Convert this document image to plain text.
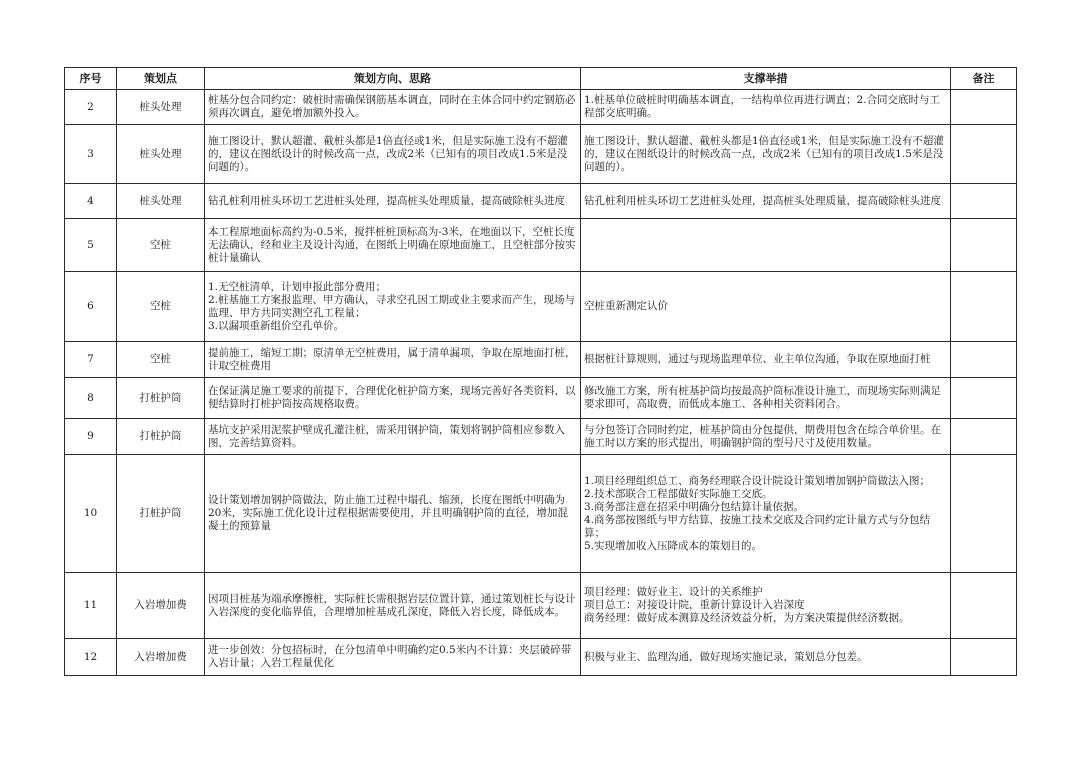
序号	策划点	策划方向、思路	支撑举措	备注
2	桩头处理	桩基分包合同约定：破桩时需确保钢筋基本调直，同时在主体合同中约定钢筋必须再次调直，避免增加额外投入。	1.桩基单位破桩时明确基本调直，一结构单位再进行调直；2.合同交底时与工程部交底明确。	
3	桩头处理	施工图设计，默认超灌、截桩头都是1倍直径或1米，但是实际施工没有不超灌的，建议在图纸设计的时候改高一点，改成2米（已知有的项目改成1.5米是没问题的）。	施工图设计，默认超灌、截桩头都是1倍直径或1米，但是实际施工没有不超灌的，建议在图纸设计的时候改高一点，改成2米（已知有的项目改成1.5米是没问题的）。	
4	桩头处理	钻孔桩利用桩头环切工艺进桩头处理，提高桩头处理质量，提高破除桩头进度	钻孔桩利用桩头环切工艺进桩头处理，提高桩头处理质量，提高破除桩头进度	
5	空桩	本工程原地面标高约为-0.5米，搅拌桩桩顶标高为-3米，在地面以下，空桩长度无法确认，经和业主及设计沟通，在图纸上明确在原地面施工，且空桩部分按实桩计量确认		
6	空桩	1.无空桩清单，计划申报此部分费用；
2.桩基施工方案报监理、甲方确认，寻求空孔因工期或业主要求而产生，现场与监理、甲方共同实测空孔工程量；
3.以漏项重新组价空孔单价。	空桩重新测定认价	
7	空桩	提前施工，缩短工期；原清单无空桩费用，属于清单漏项，争取在原地面打桩，计取空桩费用	根据桩计算规则，通过与现场监理单位、业主单位沟通，争取在原地面打桩	
8	打桩护筒	在保证满足施工要求的前提下，合理优化桩护筒方案，现场完善好各类资料，以便结算时打桩护筒按高规格取费。	修改施工方案，所有桩基护筒均按最高护筒标准设计施工，而现场实际则满足要求即可，高取费，而低成本施工、各种相关资料闭合。	
9	打桩护筒	基坑支护采用泥浆护壁成孔灌注桩，需采用钢护筒，策划将钢护筒相应参数入图，完善结算资料。	与分包签订合同时约定，桩基护筒由分包提供，期费用包含在综合单价里。在施工时以方案的形式提出，明确钢护筒的型号尺寸及使用数量。	
10	打桩护筒	设计策划增加钢护筒做法，防止施工过程中塌孔、缩颈，长度在图纸中明确为20米，实际施工优化设计过程根据需要使用，并且明确钢护筒的直径，增加混凝土的预算量	1.项目经理组织总工、商务经理联合设计院设计策划增加钢护筒做法入图；
2.技术部联合工程部做好实际施工交底。
3.商务部注意在招采中明确分包结算计量依据。
4.商务部按图纸与甲方结算，按施工技术交底及合同约定计量方式与分包结算；
5.实现增加收入压降成本的策划目的。	
11	入岩增加费	因项目桩基为端承摩擦桩，实际桩长需根据岩层位置计算，通过策划桩长与设计入岩深度的变化临界值，合理增加桩基成孔深度，降低入岩长度，降低成本。	项目经理：做好业主、设计的关系维护
项目总工：对接设计院，重新计算设计入岩深度
商务经理：做好成本测算及经济效益分析，为方案决策提供经济数据。	
12	入岩增加费	进一步创效：分包招标时，在分包清单中明确约定0.5米内不计算：夹层破碎带入岩计量；入岩工程量优化	积极与业主、监理沟通，做好现场实施记录，策划总分包差。	
